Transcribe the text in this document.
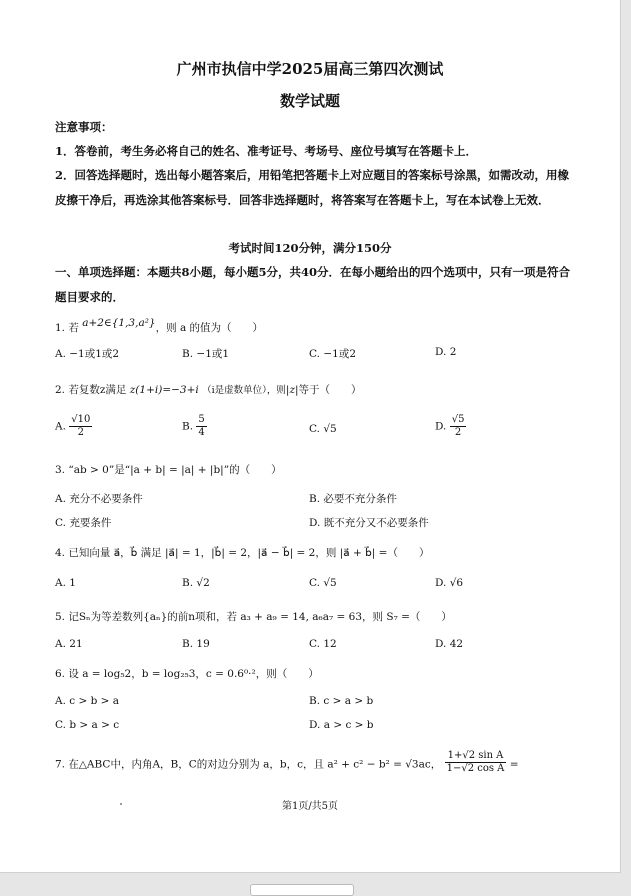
广州市执信中学2025届高三第四次测试
数学试题
注意事项：
1．答卷前，考生务必将自己的姓名、准考证号、考场号、座位号填写在答题卡上．
2．回答选择题时，选出每小题答案后，用铅笔把答题卡上对应题目的答案标号涂黑，如需改动，用橡皮擦干净后，再选涂其他答案标号．回答非选择题时，将答案写在答题卡上，写在本试卷上无效．
考试时间120分钟，满分150分
一、单项选择题：本题共8小题，每小题5分，共40分．在每小题给出的四个选项中，只有一项是符合题目要求的．
1. 若 a+2∈{1,3,a²}，则 a 的值为（　　）
A. −1或1或2	B. −1或1	C. −1或2	D. 2
2. 若复数z满足 z(1+i)=−3+i （i是虚数单位），则|z|等于（　　）
A. $\frac{√10}{2}$	B. $\frac{5}{4}$	C. √5	D. $\frac{√5}{2}$
3. “ab > 0”是“|a + b| = |a| + |b|”的（　　）
A. 充分不必要条件	B. 必要不充分条件
C. 充要条件	D. 既不充分又不必要条件
4. 已知向量 a⃗，b⃗ 满足 |a⃗| = 1，|b⃗| = 2，|a⃗ − b⃗| = 2，则 |a⃗ + b⃗| =（　　）
A. 1	B. √2	C. √5	D. √6
5. 记Sₙ为等差数列{aₙ}的前n项和，若 a₃ + a₉ = 14, a₆a₇ = 63，则 S₇ =（　　）
A. 21	B. 19	C. 12	D. 42
6. 设 a = log₅2，b = log₂₅3，c = 0.6⁰·²，则（　　）
A. c > b > a	B. c > a > b
C. b > a > c	D. a > c > b
7. 在△ABC中，内角A，B，C的对边分别为 a，b，c，且 a² + c² − b² = √3ac， $\frac{\text{1+√2 sin A}}{\text{1−√2 cos A}}$ =
第1页/共5页
